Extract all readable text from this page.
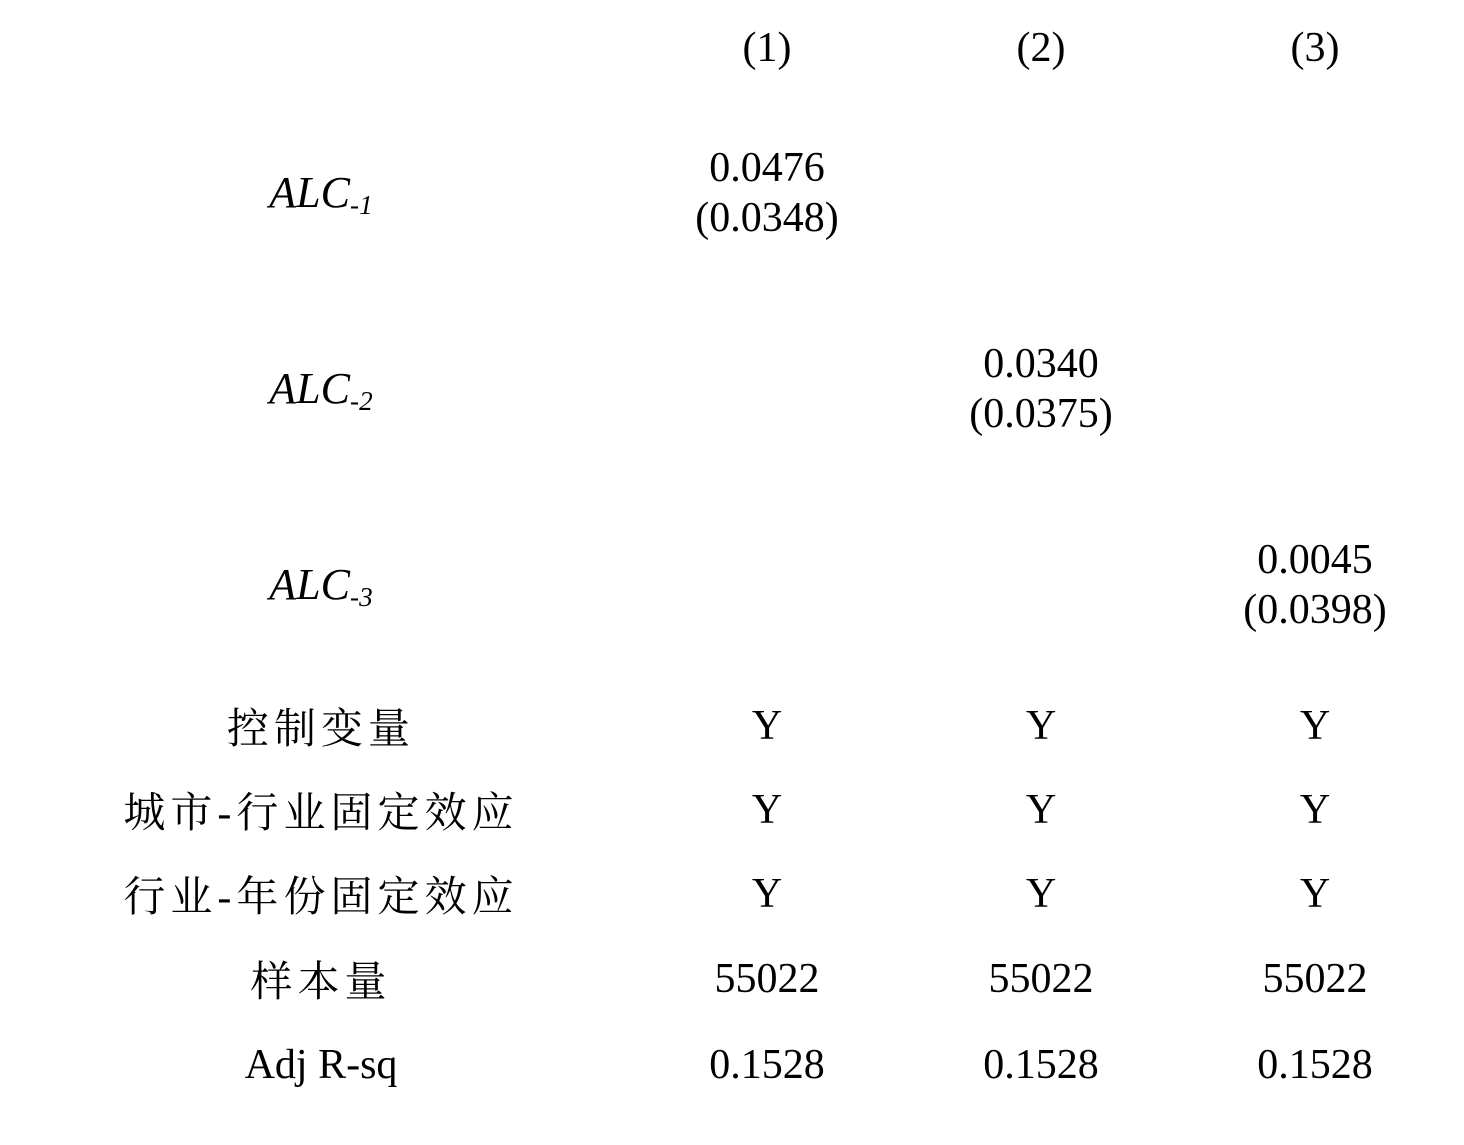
	(1)	(2)	(3)
$ALC_{-1}$	0.0476
(0.0348)		

$ALC_{-2}$		0.0340
(0.0375)	

$ALC_{-3}$			0.0045
(0.0398)

控制变量	Y	Y	Y
城市-行业固定效应	Y	Y	Y
行业-年份固定效应	Y	Y	Y
样本量	55022	55022	55022
Adj R-sq	0.1528	0.1528	0.1528
